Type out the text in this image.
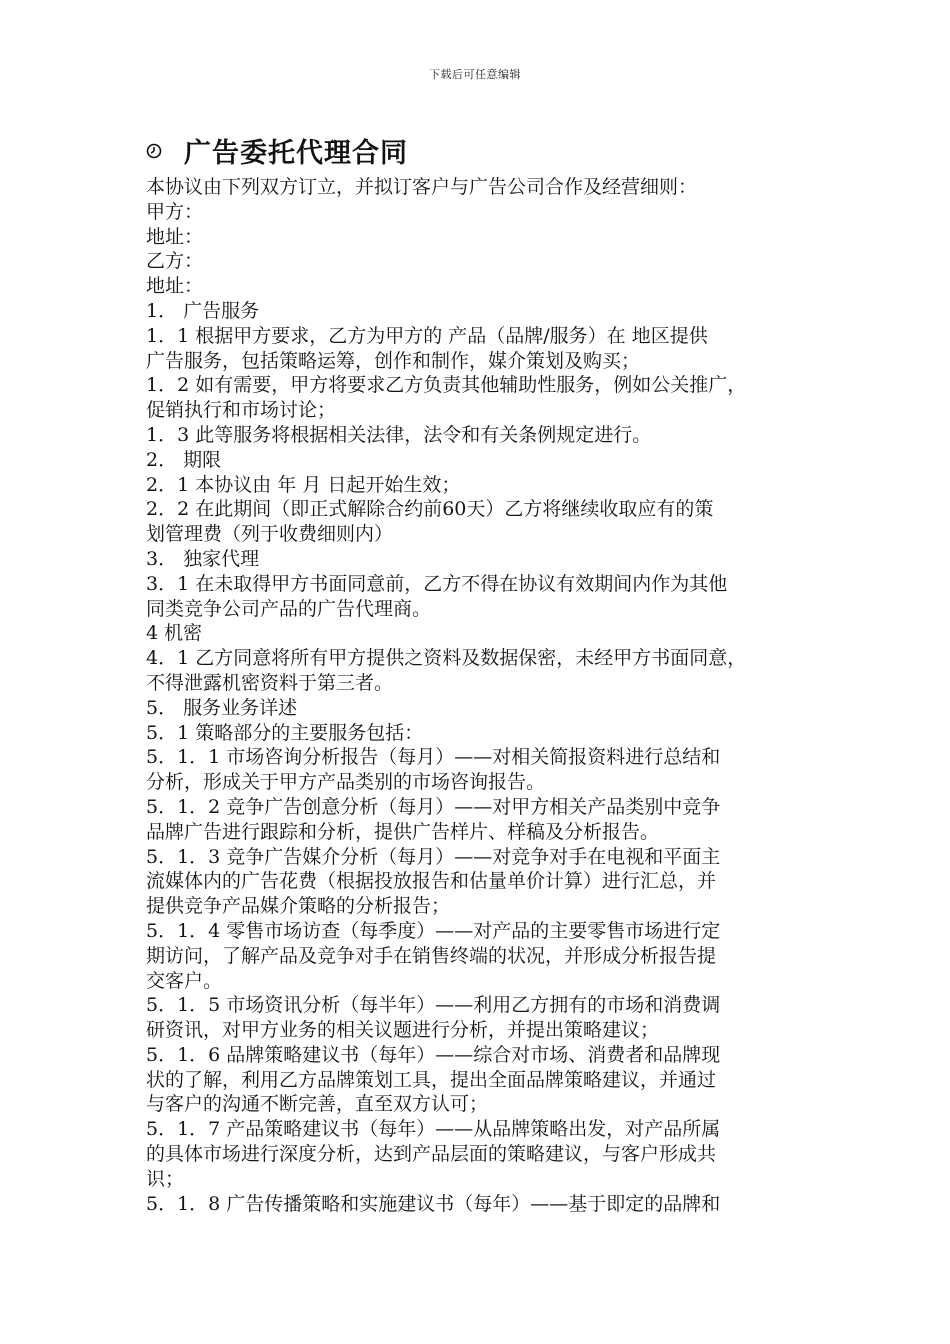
下载后可任意编辑
广告委托代理合同
本协议由下列双方订立，并拟订客户与广告公司合作及经营细则：
甲方：
地址：
乙方：
地址：
1． 广告服务
1．1 根据甲方要求，乙方为甲方的 产品（品牌/服务）在 地区提供
广告服务，包括策略运筹，创作和制作，媒介策划及购买；
1．2 如有需要，甲方将要求乙方负责其他辅助性服务，例如公关推广，
促销执行和市场讨论；
1．3 此等服务将根据相关法律，法令和有关条例规定进行。
2． 期限
2．1 本协议由 年 月 日起开始生效；
2．2 在此期间（即正式解除合约前60天）乙方将继续收取应有的策
划管理费（列于收费细则内）
3． 独家代理
3．1 在未取得甲方书面同意前，乙方不得在协议有效期间内作为其他
同类竞争公司产品的广告代理商。
4 机密
4．1 乙方同意将所有甲方提供之资料及数据保密，未经甲方书面同意，
不得泄露机密资料于第三者。
5． 服务业务详述
5．1 策略部分的主要服务包括：
5．1．1 市场咨询分析报告（每月）——对相关简报资料进行总结和
分析，形成关于甲方产品类别的市场咨询报告。
5．1．2 竞争广告创意分析（每月）——对甲方相关产品类别中竞争
品牌广告进行跟踪和分析，提供广告样片、样稿及分析报告。
5．1．3 竞争广告媒介分析（每月）——对竞争对手在电视和平面主
流媒体内的广告花费（根据投放报告和估量单价计算）进行汇总，并
提供竞争产品媒介策略的分析报告；
5．1．4 零售市场访查（每季度）——对产品的主要零售市场进行定
期访问，了解产品及竞争对手在销售终端的状况，并形成分析报告提
交客户。
5．1．5 市场资讯分析（每半年）——利用乙方拥有的市场和消费调
研资讯，对甲方业务的相关议题进行分析，并提出策略建议；
5．1．6 品牌策略建议书（每年）——综合对市场、消费者和品牌现
状的了解，利用乙方品牌策划工具，提出全面品牌策略建议，并通过
与客户的沟通不断完善，直至双方认可；
5．1．7 产品策略建议书（每年）——从品牌策略出发，对产品所属
的具体市场进行深度分析，达到产品层面的策略建议，与客户形成共
识；
5．1．8 广告传播策略和实施建议书（每年）——基于即定的品牌和
